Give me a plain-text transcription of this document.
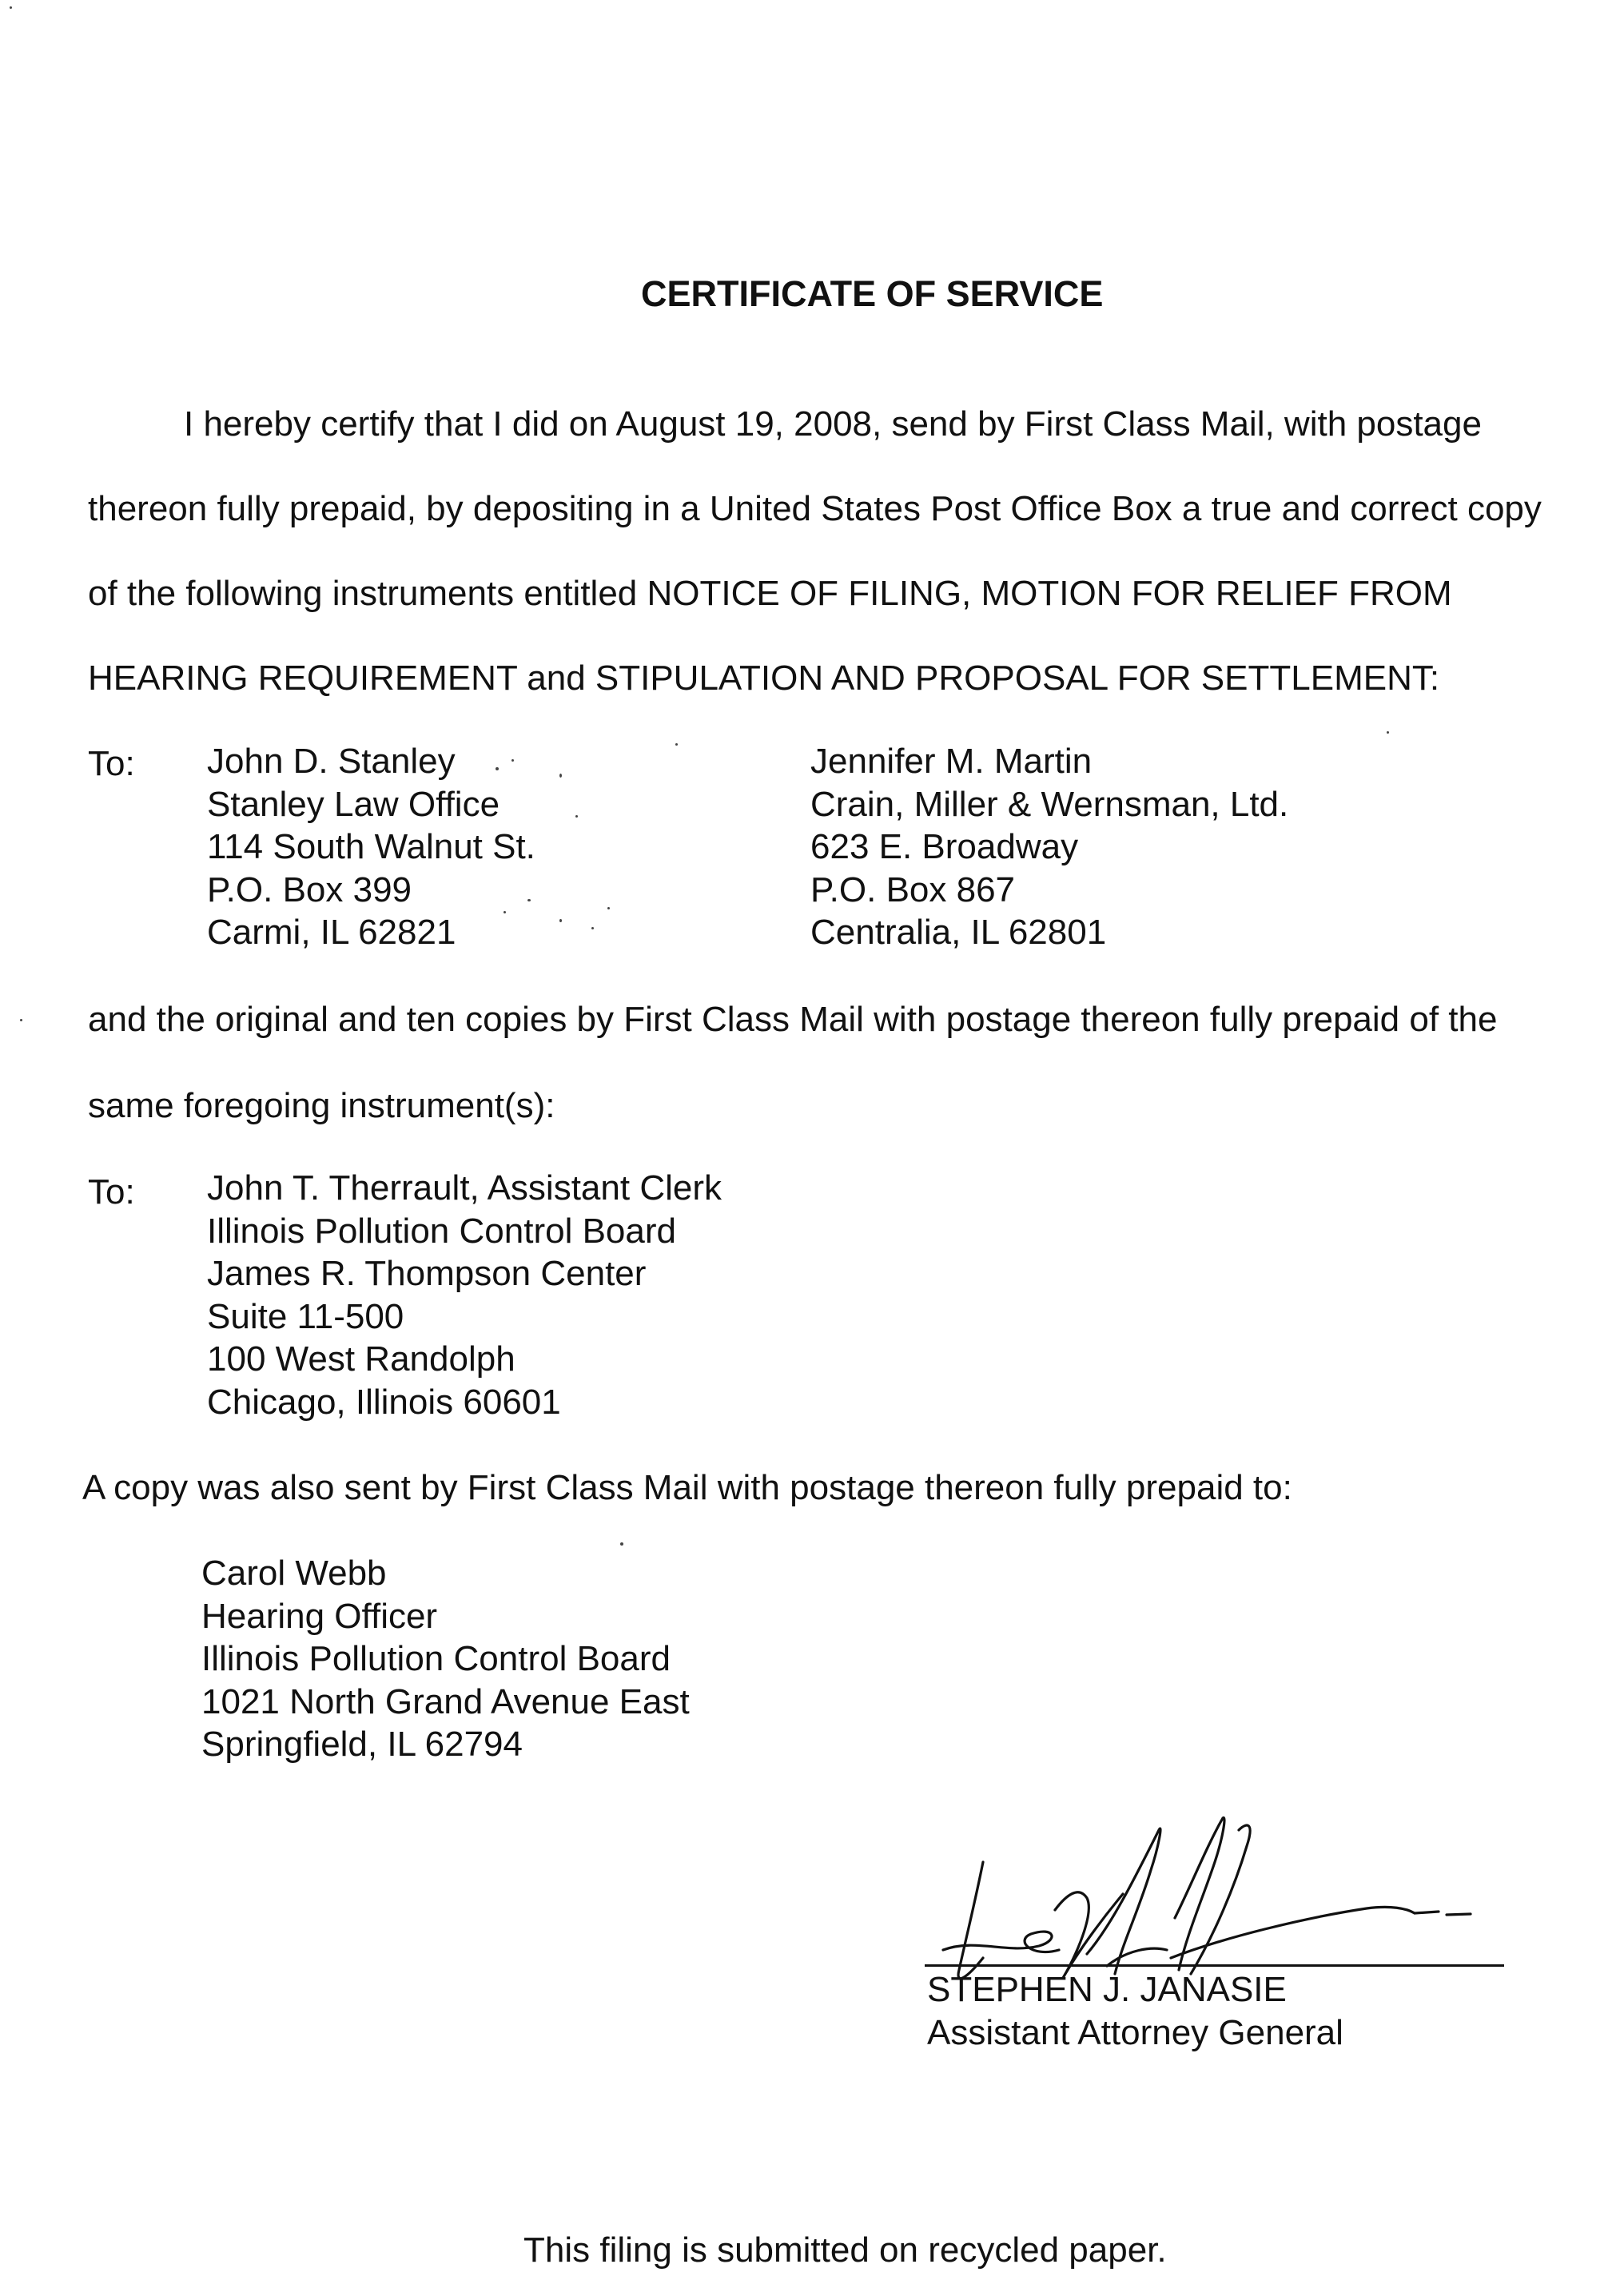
CERTIFICATE OF SERVICE
I hereby certify that I did on August 19, 2008, send by First Class Mail, with postage
thereon fully prepaid, by depositing in a United States Post Office Box a true and correct copy
of the following instruments entitled NOTICE OF FILING, MOTION FOR RELIEF FROM
HEARING REQUIREMENT and STIPULATION AND PROPOSAL FOR SETTLEMENT:
To: John D. Stanley
Stanley Law Office
114 South Walnut St.
P.O. Box 399
Carmi, IL 62821
Jennifer M. Martin
Crain, Miller & Wernsman, Ltd.
623 E. Broadway
P.O. Box 867
Centralia, IL 62801
and the original and ten copies by First Class Mail with postage thereon fully prepaid of the
same foregoing instrument(s):
To: John T. Therrault, Assistant Clerk
Illinois Pollution Control Board
James R. Thompson Center
Suite 11-500
100 West Randolph
Chicago, Illinois 60601
A copy was also sent by First Class Mail with postage thereon fully prepaid to:
Carol Webb
Hearing Officer
Illinois Pollution Control Board
1021 North Grand Avenue East
Springfield, IL 62794
STEPHEN J. JANASIE
Assistant Attorney General
This filing is submitted on recycled paper.
